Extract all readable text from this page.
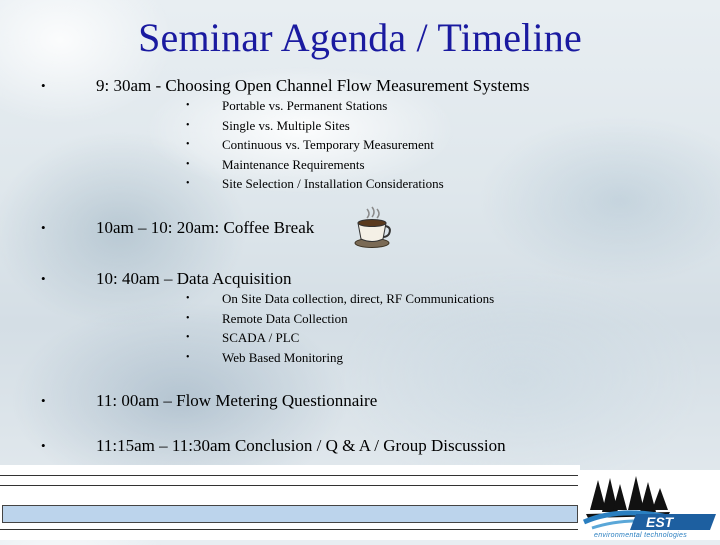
Seminar Agenda / Timeline
•	9: 30am - Choosing Open Channel Flow Measurement Systems
• Portable vs. Permanent Stations
• Single vs. Multiple Sites
• Continuous vs. Temporary Measurement
• Maintenance Requirements
• Site Selection / Installation Considerations
•	10am – 10: 20am: Coffee Break
•	10: 40am – Data Acquisition
• On Site Data collection, direct, RF Communications
• Remote Data Collection
• SCADA / PLC
• Web Based Monitoring
•	11: 00am – Flow Metering Questionnaire
•	11:15am – 11:30am Conclusion / Q & A / Group Discussion
EST
environmental technologies
